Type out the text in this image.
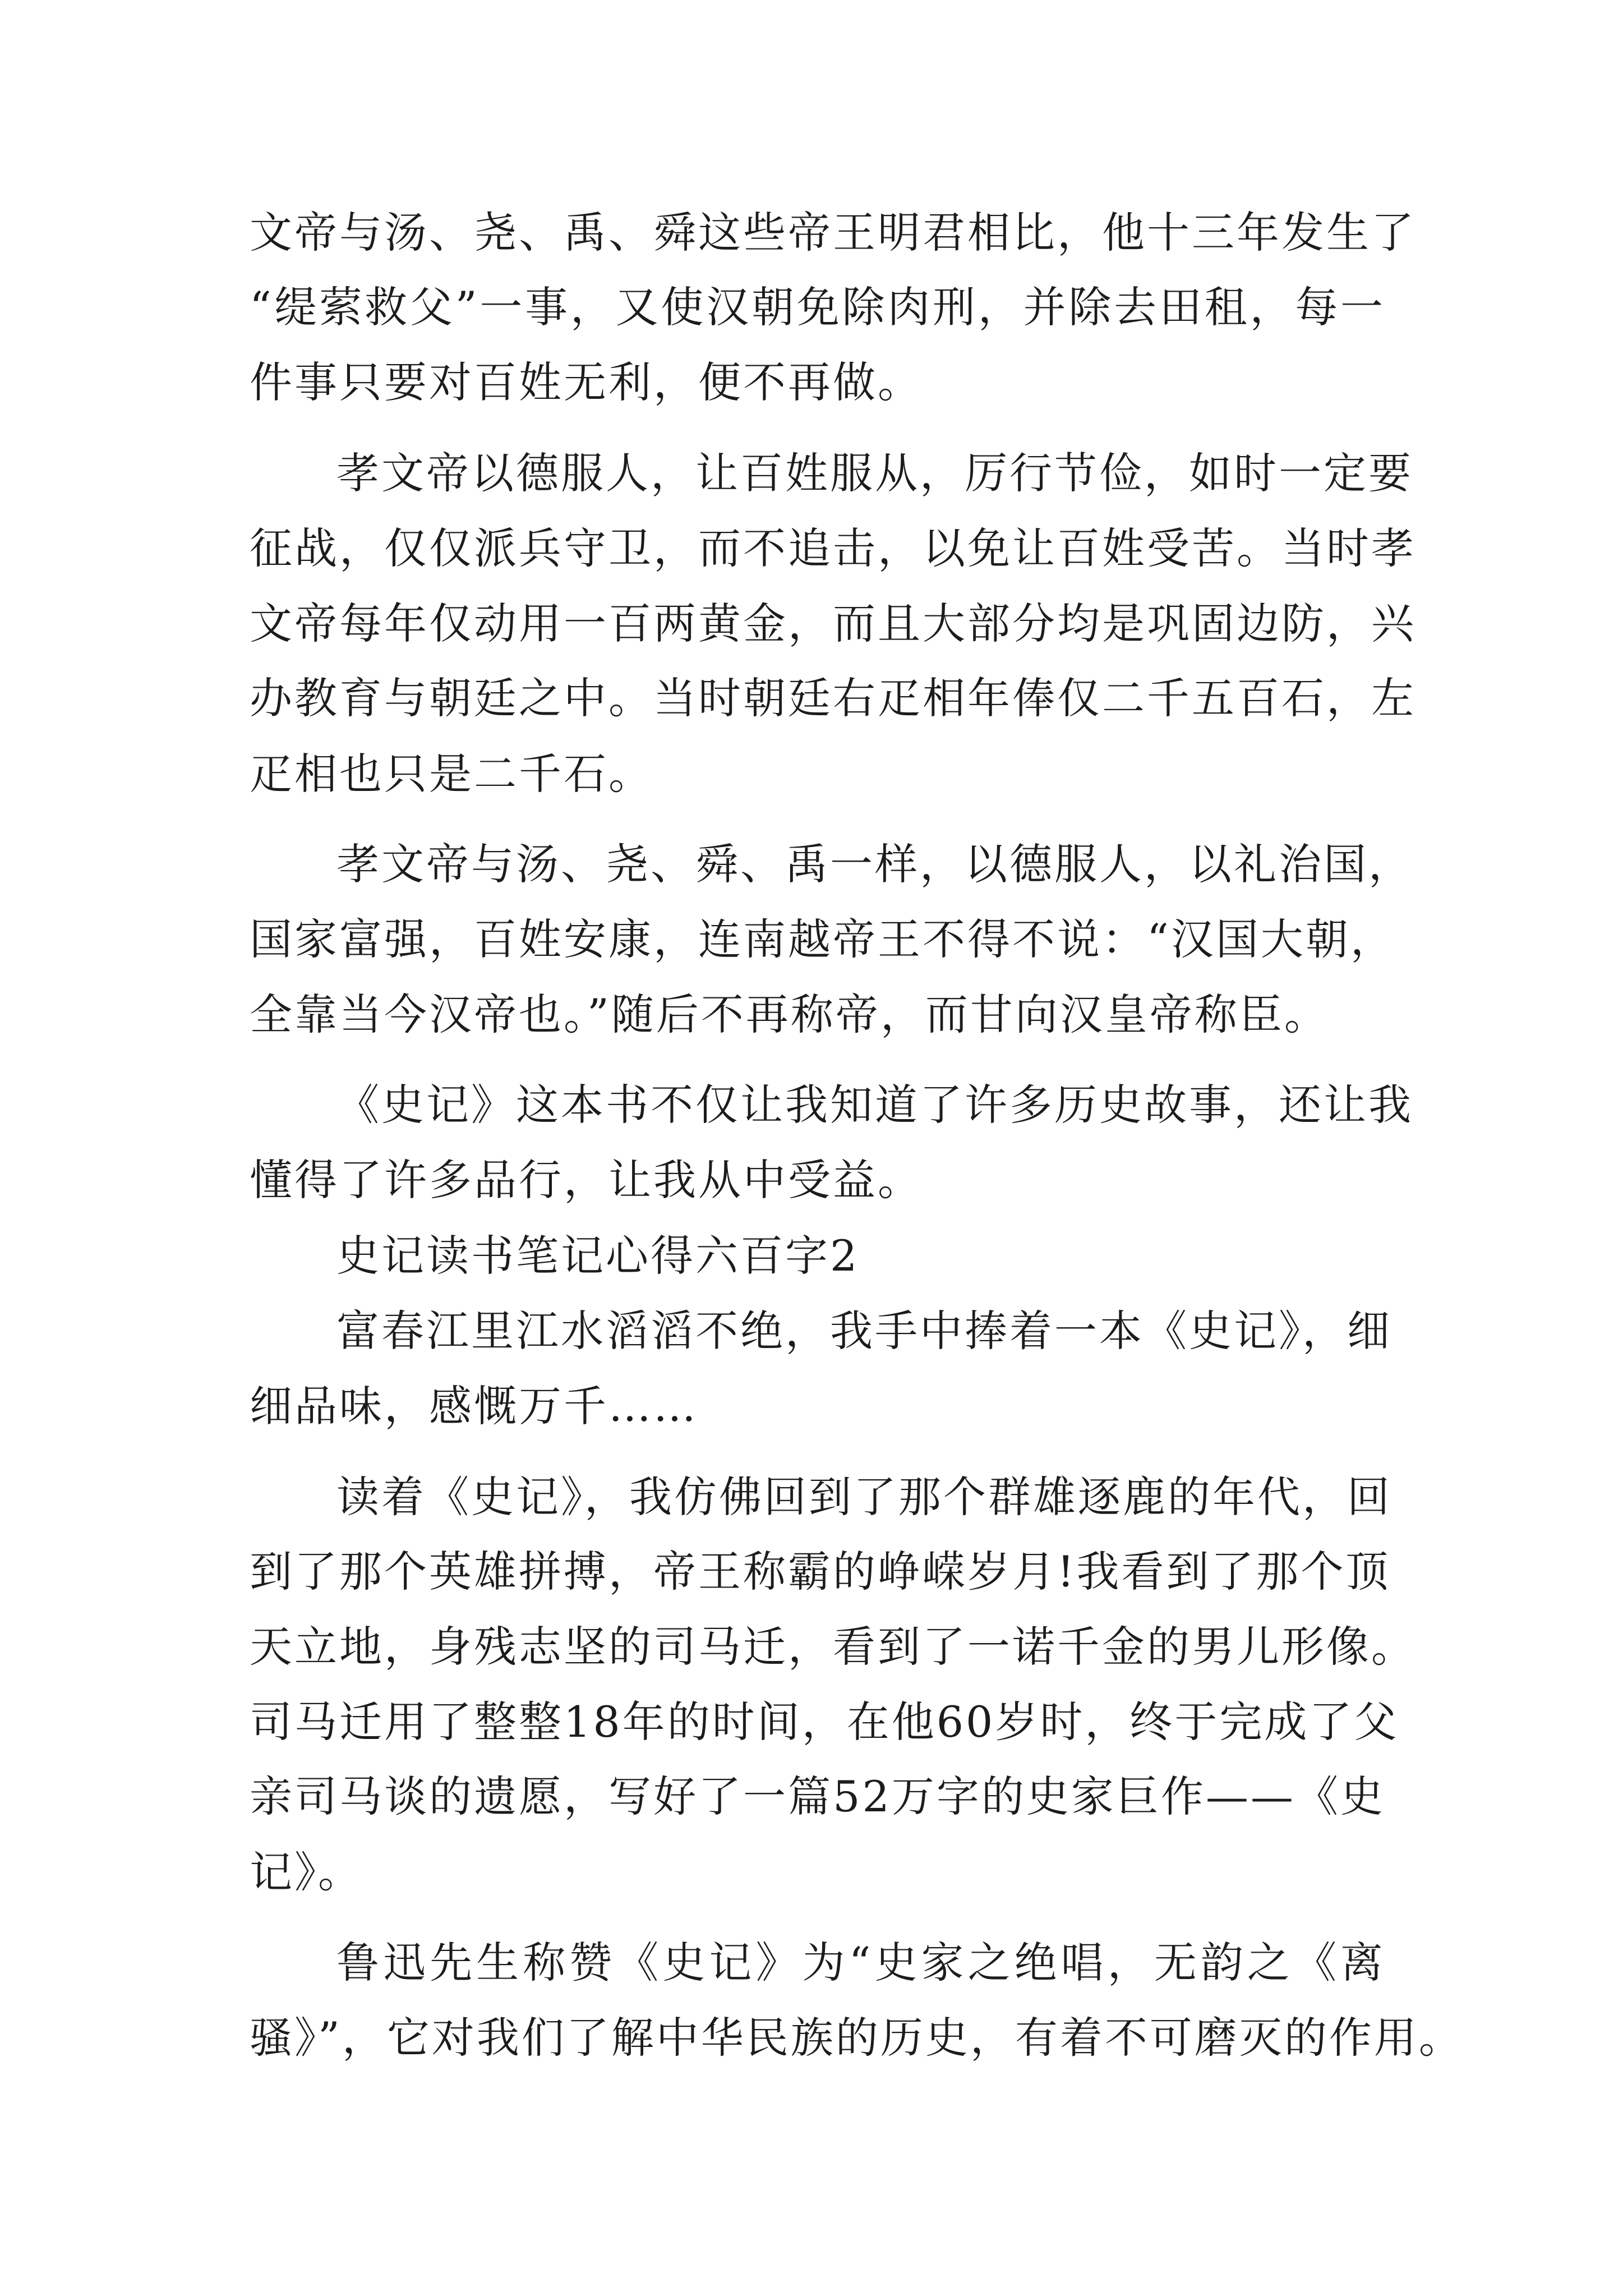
文帝与汤、尧、禹、舜这些帝王明君相比，他十三年发生了
“缇萦救父”一事，又使汉朝免除肉刑，并除去田租，每一
件事只要对百姓无利，便不再做。
孝文帝以德服人，让百姓服从，厉行节俭，如时一定要
征战，仅仅派兵守卫，而不追击，以免让百姓受苦。当时孝
文帝每年仅动用一百两黄金，而且大部分均是巩固边防，兴
办教育与朝廷之中。当时朝廷右疋相年俸仅二千五百石，左
疋相也只是二千石。
孝文帝与汤、尧、舜、禹一样，以德服人，以礼治国，
国家富强，百姓安康，连南越帝王不得不说：“汉国大朝，
全靠当今汉帝也。”随后不再称帝，而甘向汉皇帝称臣。
《史记》这本书不仅让我知道了许多历史故事，还让我
懂得了许多品行，让我从中受益。
史记读书笔记心得六百字2
富春江里江水滔滔不绝，我手中捧着一本《史记》，细
细品味，感慨万千……
读着《史记》，我仿佛回到了那个群雄逐鹿的年代，回
到了那个英雄拼搏，帝王称霸的峥嵘岁月!我看到了那个顶
天立地，身残志坚的司马迁，看到了一诺千金的男儿形像。
司马迁用了整整18年的时间，在他60岁时，终于完成了父
亲司马谈的遗愿，写好了一篇52万字的史家巨作——《史
记》。
鲁迅先生称赞《史记》为“史家之绝唱，无韵之《离
骚》”，它对我们了解中华民族的历史，有着不可磨灭的作用。
